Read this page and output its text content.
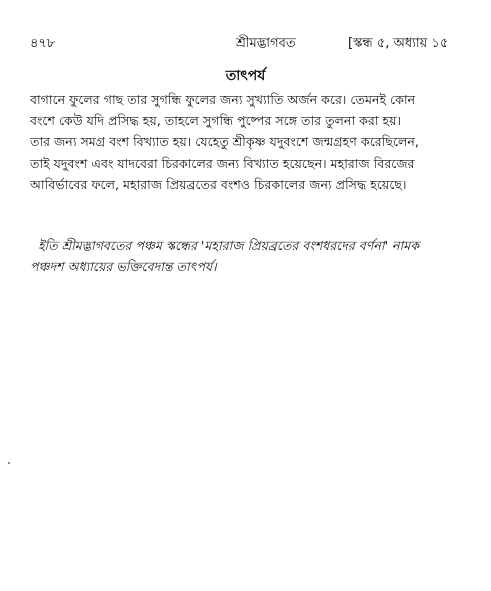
৪৭৮	শ্রীমদ্ভাগবত	[স্কন্ধ ৫, অধ্যায় ১৫
তাৎপর্য
বাগানে ফুলের গাছ তার সুগন্ধি ফুলের জন্য সুখ্যাতি অর্জন করে। তেমনই কোন
বংশে কেউ যদি প্রসিদ্ধ হয়, তাহলে সুগন্ধি পুষ্পের সঙ্গে তার তুলনা করা হয়।
তার জন্য সমগ্র বংশ বিখ্যাত হয়। যেহেতু শ্রীকৃষ্ণ যদুবংশে জন্মগ্রহণ করেছিলেন,
তাই যদুবংশ এবং যাদবেরা চিরকালের জন্য বিখ্যাত হয়েছেন। মহারাজ বিরজের
আবির্ভাবের ফলে, মহারাজ প্রিয়ব্রতের বংশও চিরকালের জন্য প্রসিদ্ধ হয়েছে।
ইতি শ্রীমদ্ভাগবতের পঞ্চম স্কন্ধের 'মহারাজ প্রিয়ব্রতের বংশধরদের বর্ণনা' নামক
পঞ্চদশ অধ্যায়ের ভক্তিবেদান্ত তাৎপর্য।
